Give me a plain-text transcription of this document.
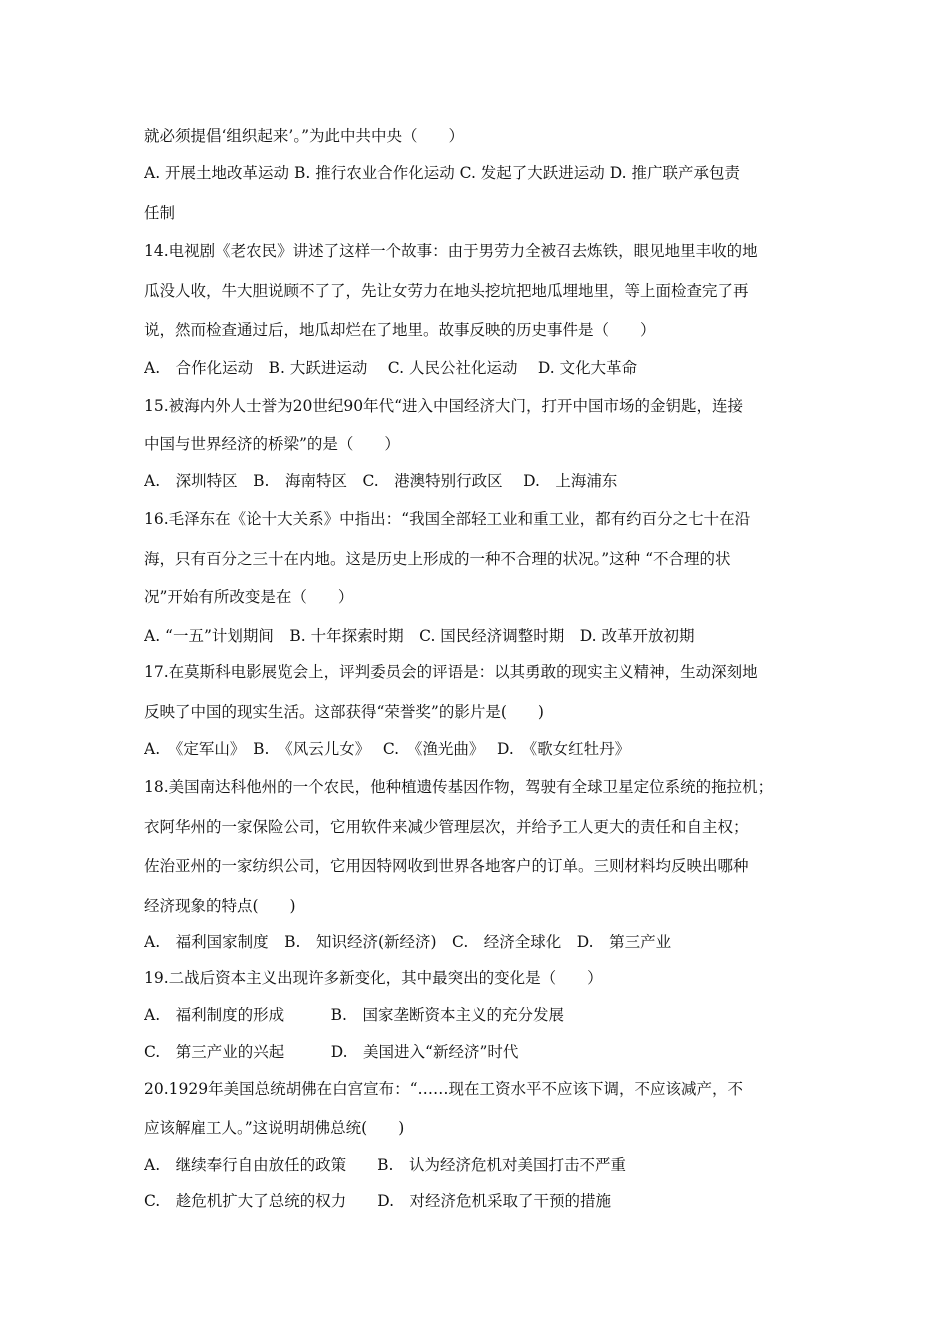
就必须提倡‘组织起来’。”为此中共中央（　　）
A. 开展土地改革运动 B. 推行农业合作化运动 C. 发起了大跃进运动 D. 推广联产承包责
任制
14.电视剧《老农民》讲述了这样一个故事：由于男劳力全被召去炼铁，眼见地里丰收的地
瓜没人收，牛大胆说顾不了了，先让女劳力在地头挖坑把地瓜埋地里，等上面检查完了再
说，然而检查通过后，地瓜却烂在了地里。故事反映的历史事件是（　　）
A.　合作化运动　B. 大跃进运动　 C. 人民公社化运动　 D. 文化大革命
15.被海内外人士誉为20世纪90年代“进入中国经济大门，打开中国市场的金钥匙，连接
中国与世界经济的桥梁”的是（　　）
A.　深圳特区　B.　海南特区　C.　港澳特别行政区　 D.　上海浦东
16.毛泽东在《论十大关系》中指出：“我国全部轻工业和重工业，都有约百分之七十在沿
海，只有百分之三十在内地。这是历史上形成的一种不合理的状况。”这种 “不合理的状
况”开始有所改变是在（　　）
A. “一五”计划期间　B. 十年探索时期　C. 国民经济调整时期　D. 改革开放初期
17.在莫斯科电影展览会上，评判委员会的评语是：以其勇敢的现实主义精神，生动深刻地
反映了中国的现实生活。这部获得“荣誉奖”的影片是(　　)
A.　《定军山》　B.　《风云儿女》　 C.　《渔光曲》　 D.　《歌女红牡丹》
18.美国南达科他州的一个农民，他种植遗传基因作物，驾驶有全球卫星定位系统的拖拉机；
衣阿华州的一家保险公司，它用软件来减少管理层次，并给予工人更大的责任和自主权；
佐治亚州的一家纺织公司，它用因特网收到世界各地客户的订单。三则材料均反映出哪种
经济现象的特点(　　)
A.　福利国家制度　B.　知识经济(新经济)　C.　经济全球化　D.　第三产业
19.二战后资本主义出现许多新变化，其中最突出的变化是（　　）
A.　福利制度的形成　　　B.　国家垄断资本主义的充分发展
C.　第三产业的兴起　　　D.　美国进入“新经济”时代
20.1929年美国总统胡佛在白宫宣布：“……现在工资水平不应该下调，不应该减产，不
应该解雇工人。”这说明胡佛总统(　　)
A.　继续奉行自由放任的政策　　B.　认为经济危机对美国打击不严重
C.　趁危机扩大了总统的权力　　D.　对经济危机采取了干预的措施
